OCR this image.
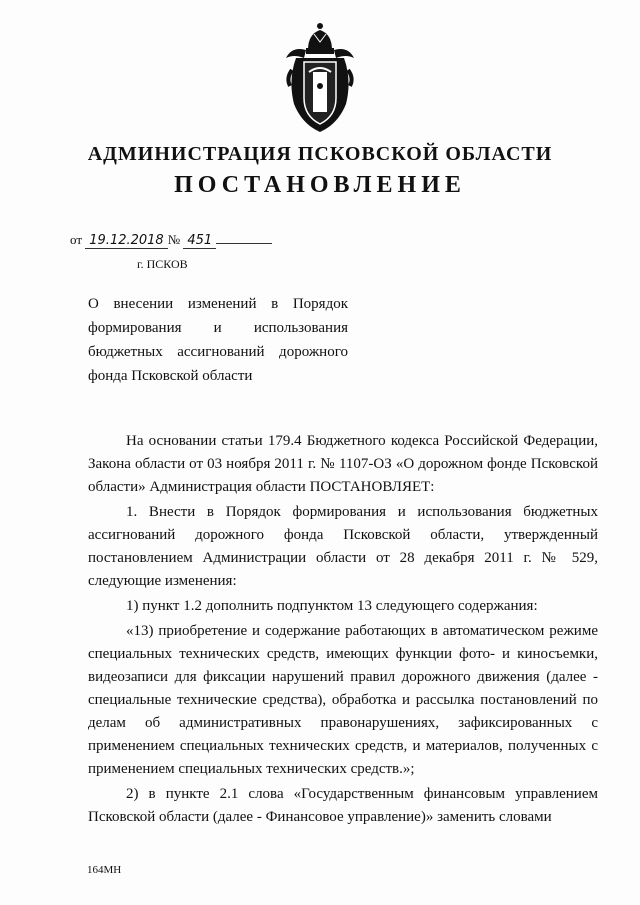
АДМИНИСТРАЦИЯ ПСКОВСКОЙ ОБЛАСТИ
ПОСТАНОВЛЕНИЕ
от 19.12.2018 № 451
г. ПСКОВ
О внесении изменений в Порядок формирования и использования бюджетных ассигнований дорожного фонда Псковской области

На основании статьи 179.4 Бюджетного кодекса Российской Федерации, Закона области от 03 ноября 2011 г. № 1107-ОЗ «О дорожном фонде Псковской области» Администрация области ПОСТАНОВЛЯЕТ:

1. Внести в Порядок формирования и использования бюджетных ассигнований дорожного фонда Псковской области, утвержденный постановлением Администрации области от 28 декабря 2011 г. № 529, следующие изменения:

1) пункт 1.2 дополнить подпунктом 13 следующего содержания:

«13) приобретение и содержание работающих в автоматическом режиме специальных технических средств, имеющих функции фото- и киносъемки, видеозаписи для фиксации нарушений правил дорожного движения (далее - специальные технические средства), обработка и рассылка постановлений по делам об административных правонарушениях, зафиксированных с применением специальных технических средств, и материалов, полученных с применением специальных технических средств.»;

2) в пункте 2.1 слова «Государственным финансовым управлением Псковской области (далее - Финансовое управление)» заменить словами

164МН
